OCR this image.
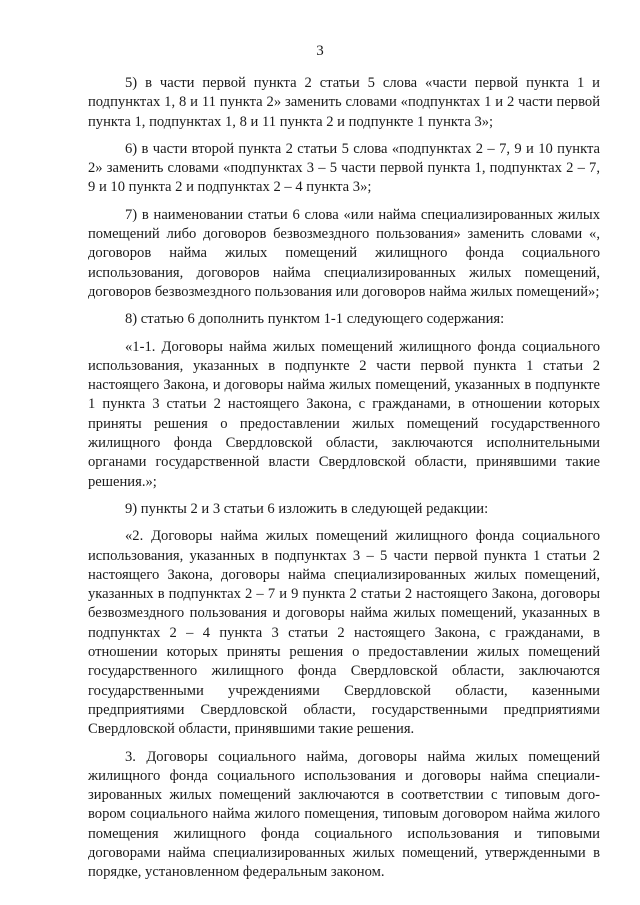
3

5) в части первой пункта 2 статьи 5 слова «части первой пункта 1 и подпунктах 1, 8 и 11 пункта 2» заменить словами «подпунктах 1 и 2 части первой пункта 1, подпунктах 1, 8 и 11 пункта 2 и подпункте 1 пункта 3»;

6) в части второй пункта 2 статьи 5 слова «подпунктах 2 – 7, 9 и 10 пункта 2» заменить словами «подпунктах 3 – 5 части первой пункта 1, подпунктах 2 – 7, 9 и 10 пункта 2 и подпунктах 2 – 4 пункта 3»;

7) в наименовании статьи 6 слова «или найма специализированных жилых помещений либо договоров безвозмездного пользования» заменить словами «, договоров найма жилых помещений жилищного фонда социального использования, договоров найма специализированных жилых помещений, договоров безвозмездного пользования или договоров найма жилых помещений»;

8) статью 6 дополнить пунктом 1-1 следующего содержания:

«1-1. Договоры найма жилых помещений жилищного фонда социального использования, указанных в подпункте 2 части первой пункта 1 статьи 2 настоящего Закона, и договоры найма жилых помещений, указанных в подпункте 1 пункта 3 статьи 2 настоящего Закона, с гражданами, в отношении которых приняты решения о предоставлении жилых помещений государственного жилищного фонда Свердловской области, заключаются исполнительными органами государственной власти Свердловской области, принявшими такие решения.»;

9) пункты 2 и 3 статьи 6 изложить в следующей редакции:

«2. Договоры найма жилых помещений жилищного фонда социального использования, указанных в подпунктах 3 – 5 части первой пункта 1 статьи 2 настоящего Закона, договоры найма специализированных жилых помещений, указанных в подпунктах 2 – 7 и 9 пункта 2 статьи 2 настоящего Закона, договоры безвозмездного пользования и договоры найма жилых помещений, указанных в подпунктах 2 – 4 пункта 3 статьи 2 настоящего Закона, с гражданами, в отношении которых приняты решения о предоставлении жилых помещений государственного жилищного фонда Свердловской области, заключаются государственными учреждениями Свердловской области, казенными предприятиями Свердловской области, государственными предприятиями Свердловской области, принявшими такие решения.

3. Договоры социального найма, договоры найма жилых помещений жилищного фонда социального использования и договоры найма специализированных жилых помещений заключаются в соответствии с типовым договором социального найма жилого помещения, типовым договором найма жилого помещения жилищного фонда социального использования и типовыми договорами найма специализированных жилых помещений, утвержденными в порядке, установленном федеральным законом.
